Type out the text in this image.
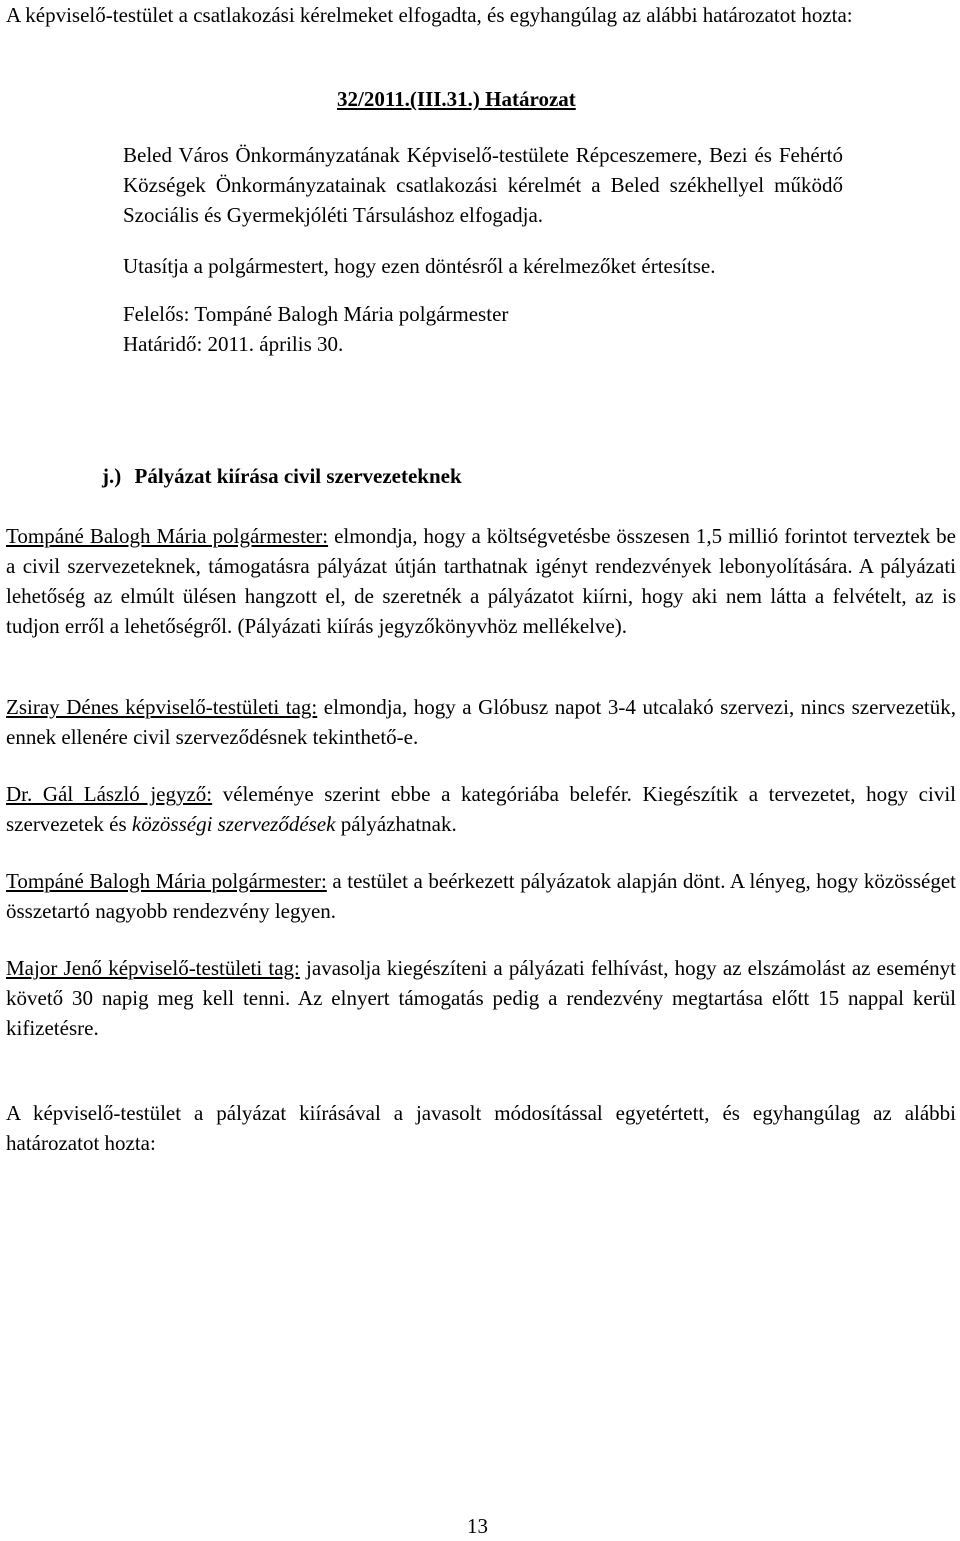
A képviselő-testület a csatlakozási kérelmeket elfogadta, és egyhangúlag az alábbi határozatot hozta:

32/2011.(III.31.) Határozat

Beled Város Önkormányzatának Képviselő-testülete Répceszemere, Bezi és Fehértó Községek Önkormányzatainak csatlakozási kérelmét a Beled székhellyel működő Szociális és Gyermekjóléti Társuláshoz elfogadja.
Utasítja a polgármestert, hogy ezen döntésről a kérelmezőket értesítse.
Felelős: Tompáné Balogh Mária polgármester
Határidő: 2011. április 30.

j.) Pályázat kiírása civil szervezeteknek

Tompáné Balogh Mária polgármester: elmondja, hogy a költségvetésbe összesen 1,5 millió forintot terveztek be a civil szervezeteknek, támogatásra pályázat útján tarthatnak igényt rendezvények lebonyolítására. A pályázati lehetőség az elmúlt ülésen hangzott el, de szeretnék a pályázatot kiírni, hogy aki nem látta a felvételt, az is tudjon erről a lehetőségről. (Pályázati kiírás jegyzőkönyvhöz mellékelve).

Zsiray Dénes képviselő-testületi tag: elmondja, hogy a Glóbusz napot 3-4 utcalakó szervezi, nincs szervezetük, ennek ellenére civil szerveződésnek tekinthető-e.

Dr. Gál László jegyző: véleménye szerint ebbe a kategóriába belefér. Kiegészítik a tervezetet, hogy civil szervezetek és közösségi szerveződések pályázhatnak.

Tompáné Balogh Mária polgármester: a testület a beérkezett pályázatok alapján dönt. A lényeg, hogy közösséget összetartó nagyobb rendezvény legyen.

Major Jenő képviselő-testületi tag: javasolja kiegészíteni a pályázati felhívást, hogy az elszámolást az eseményt követő 30 napig meg kell tenni. Az elnyert támogatás pedig a rendezvény megtartása előtt 15 nappal kerül kifizetésre.

A képviselő-testület a pályázat kiírásával a javasolt módosítással egyetértett, és egyhangúlag az alábbi határozatot hozta:

13
